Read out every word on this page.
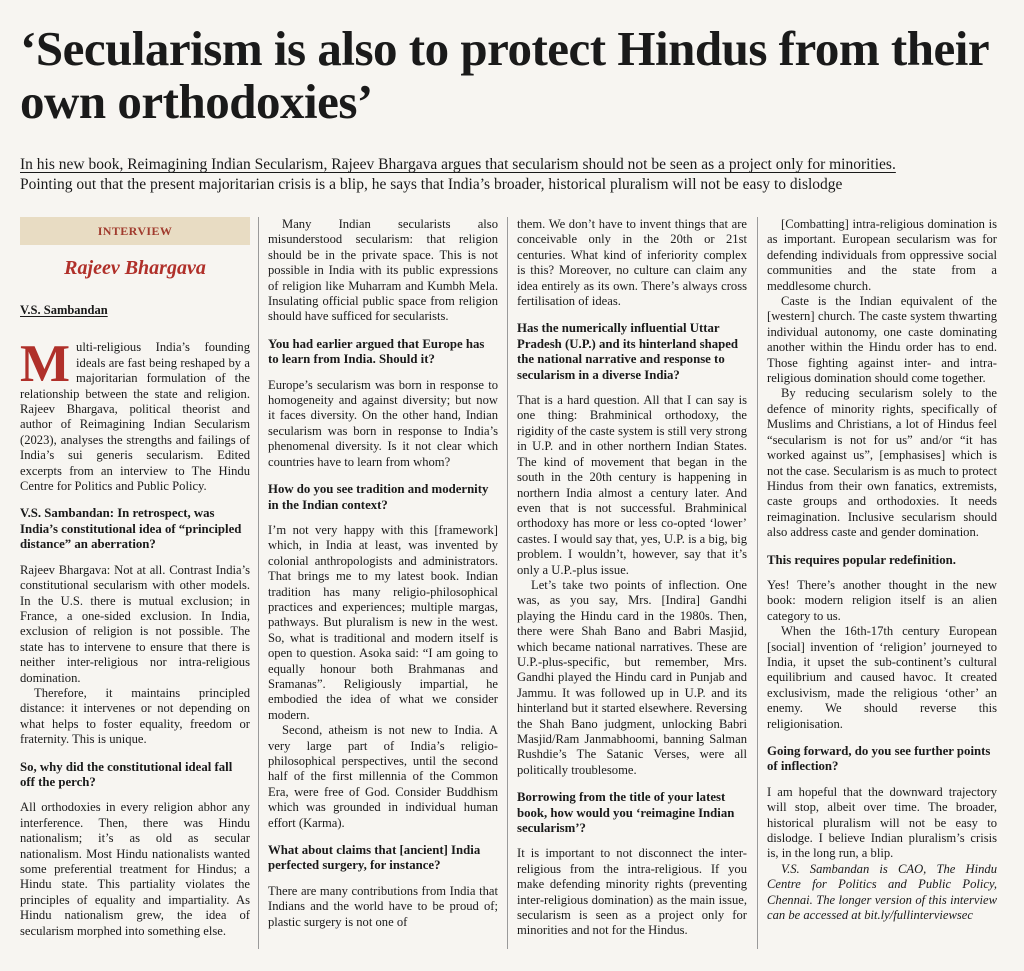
‘Secularism is also to protect Hindus from their own orthodoxies’

In his new book, Reimagining Indian Secularism, Rajeev Bhargava argues that secularism should not be seen as a project only for minorities.

Pointing out that the present majoritarian crisis is a blip, he says that India’s broader, historical pluralism will not be easy to dislodge

INTERVIEW
Rajeev Bhargava
V.S. Sambandan

Multi-religious India’s founding ideals are fast being reshaped by a majoritarian formulation of the relationship between the state and religion. Rajeev Bhargava, political theorist and author of Reimagining Indian Secularism (2023), analyses the strengths and failings of India’s sui generis secularism. Edited excerpts from an interview to The Hindu Centre for Politics and Public Policy.

V.S. Sambandan: In retrospect, was India’s constitutional idea of “principled distance” an aberration?

Rajeev Bhargava: Not at all. Contrast India’s constitutional secularism with other models. In the U.S. there is mutual exclusion; in France, a one-sided exclusion. In India, exclusion of religion is not possible. The state has to intervene to ensure that there is neither inter-religious nor intra-religious domination.

Therefore, it maintains principled distance: it intervenes or not depending on what helps to foster equality, freedom or fraternity. This is unique.

So, why did the constitutional ideal fall off the perch?

All orthodoxies in every religion abhor any interference. Then, there was Hindu nationalism; it’s as old as secular nationalism. Most Hindu nationalists wanted some preferential treatment for Hindus; a Hindu state. This partiality violates the principles of equality and impartiality. As Hindu nationalism grew, the idea of secularism morphed into something else.

Many Indian secularists also misunderstood secularism: that religion should be in the private space. This is not possible in India with its public expressions of religion like Muharram and Kumbh Mela. Insulating official public space from religion should have sufficed for secularists.

You had earlier argued that Europe has to learn from India. Should it?

Europe’s secularism was born in response to homogeneity and against diversity; but now it faces diversity. On the other hand, Indian secularism was born in response to India’s phenomenal diversity. Is it not clear which countries have to learn from whom?

How do you see tradition and modernity in the Indian context?

I’m not very happy with this [framework] which, in India at least, was invented by colonial anthropologists and administrators. That brings me to my latest book. Indian tradition has many religio-philosophical practices and experiences; multiple margas, pathways. But pluralism is new in the west. So, what is traditional and modern itself is open to question. Asoka said: “I am going to equally honour both Brahmanas and Sramanas”. Religiously impartial, he embodied the idea of what we consider modern.

Second, atheism is not new to India. A very large part of India’s religio-philosophical perspectives, until the second half of the first millennia of the Common Era, were free of God. Consider Buddhism which was grounded in individual human effort (Karma).

What about claims that [ancient] India perfected surgery, for instance?

There are many contributions from India that Indians and the world have to be proud of; plastic surgery is not one of

them. We don’t have to invent things that are conceivable only in the 20th or 21st centuries. What kind of inferiority complex is this? Moreover, no culture can claim any idea entirely as its own. There’s always cross fertilisation of ideas.

Has the numerically influential Uttar Pradesh (U.P.) and its hinterland shaped the national narrative and response to secularism in a diverse India?

That is a hard question. All that I can say is one thing: Brahminical orthodoxy, the rigidity of the caste system is still very strong in U.P. and in other northern Indian States. The kind of movement that began in the south in the 20th century is happening in northern India almost a century later. And even that is not successful. Brahminical orthodoxy has more or less co-opted ‘lower’ castes. I would say that, yes, U.P. is a big, big problem. I wouldn’t, however, say that it’s only a U.P.-plus issue.

Let’s take two points of inflection. One was, as you say, Mrs. [Indira] Gandhi playing the Hindu card in the 1980s. Then, there were Shah Bano and Babri Masjid, which became national narratives. These are U.P.-plus-specific, but remember, Mrs. Gandhi played the Hindu card in Punjab and Jammu. It was followed up in U.P. and its hinterland but it started elsewhere. Reversing the Shah Bano judgment, unlocking Babri Masjid/Ram Janmabhoomi, banning Salman Rushdie’s The Satanic Verses, were all politically troublesome.

Borrowing from the title of your latest book, how would you ‘reimagine Indian secularism’?

It is important to not disconnect the inter-religious from the intra-religious. If you make defending minority rights (preventing inter-religious domination) as the main issue, secularism is seen as a project only for minorities and not for the Hindus.

[Combatting] intra-religious domination is as important. European secularism was for defending individuals from oppressive social communities and the state from a meddlesome church.

Caste is the Indian equivalent of the [western] church. The caste system thwarting individual autonomy, one caste dominating another within the Hindu order has to end. Those fighting against inter- and intra-religious domination should come together.

By reducing secularism solely to the defence of minority rights, specifically of Muslims and Christians, a lot of Hindus feel “secularism is not for us” and/or “it has worked against us”, [emphasises] which is not the case. Secularism is as much to protect Hindus from their own fanatics, extremists, caste groups and orthodoxies. It needs reimagination. Inclusive secularism should also address caste and gender domination.

This requires popular redefinition.

Yes! There’s another thought in the new book: modern religion itself is an alien category to us.

When the 16th-17th century European [social] invention of ‘religion’ journeyed to India, it upset the sub-continent’s cultural equilibrium and caused havoc. It created exclusivism, made the religious ‘other’ an enemy. We should reverse this religionisation.

Going forward, do you see further points of inflection?

I am hopeful that the downward trajectory will stop, albeit over time. The broader, historical pluralism will not be easy to dislodge. I believe Indian pluralism’s crisis is, in the long run, a blip.

V.S. Sambandan is CAO, The Hindu Centre for Politics and Public Policy, Chennai. The longer version of this interview can be accessed at bit.ly/fullinterviewsec
